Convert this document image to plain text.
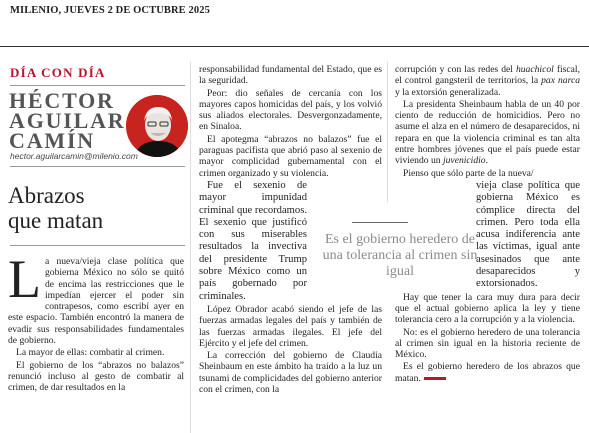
MILENIO, JUEVES 2 DE OCTUBRE 2025
DÍA CON DÍA
HÉCTOR
AGUILAR
CAMÍN
hector.aguilarcamin@milenio.com
Abrazos
que matan

La nueva/vieja clase política que gobierna México no sólo se quitó de encima las restricciones que le impedían ejercer el poder sin contrapesos, como escribí ayer en este espacio. También encontró la manera de evadir sus responsabilidades fundamentales de gobierno.

La mayor de ellas: combatir al crimen.

El gobierno de los “abrazos no balazos” renunció incluso al gesto de combatir al crimen, de dar resultados en la

responsabilidad fundamental del Estado, que es la seguridad.

Peor: dio señales de cercanía con los mayores capos homicidas del país, y los volvió sus aliados electorales. Desvergonzadamente, en Sinaloa.

El apotegma “abrazos no balazos” fue el paraguas pacifista que abrió paso al sexenio de mayor complicidad gubernamental con el crimen organizado y su violencia.

Fue el sexenio de mayor impunidad criminal que recordamos. El sexenio que justificó con sus miserables resultados la invectiva del presidente Trump sobre México como un país gobernado por criminales.

López Obrador acabó siendo el jefe de las fuerzas armadas legales del país y también de las fuerzas armadas ilegales. El jefe del Ejército y el jefe del crimen.

La corrección del gobierno de Claudia Sheinbaum en este ámbito ha traído a la luz un tsunami de complicidades del gobierno anterior con el crimen, con la

Es el gobierno heredero de una tolerancia al crimen sin igual

corrupción y con las redes del huachicol fiscal, el control gangsteril de territorios, la pax narca y la extorsión generalizada.

La presidenta Sheinbaum habla de un 40 por ciento de reducción de homicidios. Pero no asume el alza en el número de desaparecidos, ni repara en que la violencia criminal es tan alta entre hombres jóvenes que el país puede estar viviendo un juvenicidio.

Pienso que sólo parte de la nueva/

vieja clase política que gobierna México es cómplice directa del crimen. Pero toda ella acusa indiferencia ante las víctimas, igual ante asesinados que ante desaparecidos y extorsionados.

Hay que tener la cara muy dura para decir que el actual gobierno aplica la ley y tiene tolerancia cero a la corrupción y a la violencia.

No: es el gobierno heredero de una tolerancia al crimen sin igual en la historia reciente de México.

Es el gobierno heredero de los abrazos que matan.
